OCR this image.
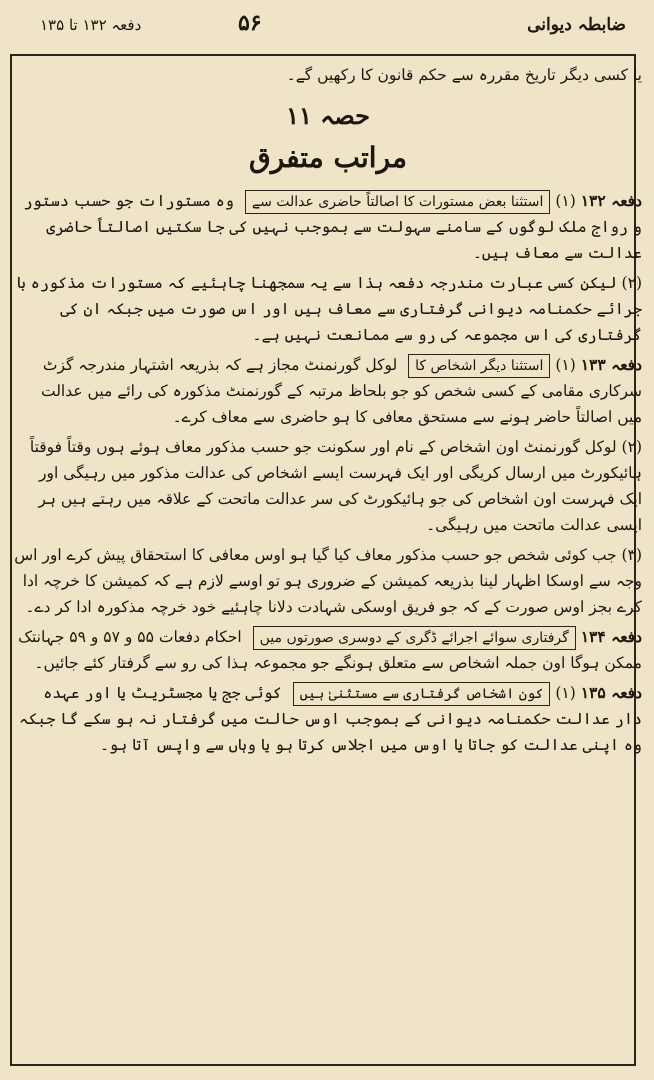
دفعہ ۱۳۲ تا ۱۳۵	۵۶	ضابطہ دیوانی

یا کسی دیگر تاریخ مقررہ سے حکم قانون کا رکھیں گے۔

حصہ ۱۱
مراتب متفرق

دفعہ ۱۳۲ (۱) استثنا بعض مستورات کا اصالتاً حاضری عدالت سے وہ مستورات جو حسب دستور و رواج ملک لوگوں کے سامنے سہولت سے بموجب نہیں کی جا سکتیں اصالتاً حاضری عدالت سے معاف ہیں۔

(۲) لیکن کسی عبارت مندرجہ دفعہ ہذا سے یہ سمجھنا چاہئیے کہ مستورات مذکورہ با جرائے حکمنامہ دیوانی گرفتاری سے معاف ہیں اور اس صورت میں جبکہ ان کی گرفتاری کی اس مجموعہ کی رو سے ممانعت نہیں ہے۔

دفعہ ۱۳۳ (۱) استثنا دیگر اشخاص کا لوکل گورنمنٹ مجاز ہے کہ بذریعہ اشتہار مندرجہ گزٹ سرکاری مقامی کے کسی شخص کو جو بلحاظ مرتبہ کے گورنمنٹ مذکورہ کی رائے میں عدالت میں اصالتاً حاضر ہونے سے مستحق معافی کا ہو حاضری سے معاف کرے۔

(۲) لوکل گورنمنٹ اون اشخاص کے نام اور سکونت جو حسب مذکور معاف ہوئے ہوں وقتاً فوقتاً ہائیکورٹ میں ارسال کریگی اور ایک فہرست ایسے اشخاص کی عدالت مذکور میں رہیگی اور ایک فہرست اون اشخاص کی جو ہائیکورٹ کی سر عدالت ماتحت کے علاقہ میں رہتے ہیں ہر ایسی عدالت ماتحت میں رہیگی۔

(۳) جب کوئی شخص جو حسب مذکور معاف کیا گیا ہو اوس معافی کا استحقاق پیش کرے اور اس وجہ سے اوسکا اظہار لینا بذریعہ کمیشن کے ضروری ہو تو اوسے لازم ہے کہ کمیشن کا خرچہ ادا کرے بجز اوس صورت کے کہ جو فریق اوسکی شہادت دلانا چاہئیے خود خرچہ مذکورہ ادا کر دے۔

دفعہ ۱۳۴ گرفتاری سوائے اجرائے ڈگری کے دوسری صورتوں میں احکام دفعات ۵۵ و ۵۷ و ۵۹ جہانتک ممکن ہوگا اون جملہ اشخاص سے متعلق ہونگے جو مجموعہ ہذا کی رو سے گرفتار کئے جائیں۔

دفعہ ۱۳۵ (۱) کون اشخاص گرفتاری سے مستثنیٰ ہیں کوئی جج یا مجسٹریٹ یا اور عہدہ دار عدالت حکمنامہ دیوانی کے بموجب اوس حالت میں گرفتار نہ ہو سکے گا جبکہ وہ اپنی عدالت کو جاتا یا اوس میں اجلاس کرتا ہو یا وہاں سے واپس آتا ہو۔
